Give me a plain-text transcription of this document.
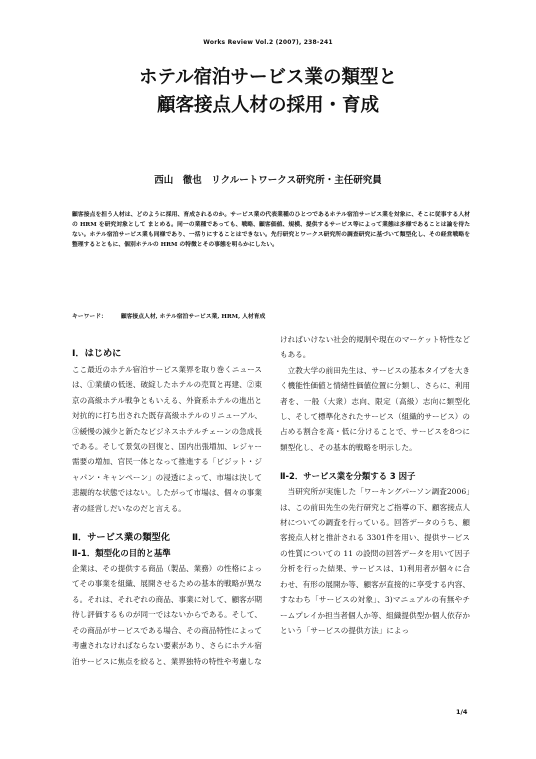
Works Review Vol.2 (2007), 238-241
ホテル宿泊サービス業の類型と
顧客接点人材の採用・育成
西山　徹也　リクルートワークス研究所・主任研究員
顧客接点を担う人材は、どのように採用、育成されるのか。サービス業の代表業種のひとつであるホテル宿泊サービス業を対象に、そこに従事する人材の HRM を研究対象として まとめる。同一の業種であっても、戦略、顧客価値、規模、提供するサービス等によって業態は多様であることは論を待たない。ホテル宿泊サービス業も同様であり、一括りにすることはできない。先行研究とワークス研究所の調査研究に基づいて類型化し、その経営戦略を整理するとともに、個別ホテルの HRM の特徴とその事態を明らかにしたい。
キーワード： 顧客接点人材, ホテル宿泊サービス業, HRM, 人材育成

Ⅰ．はじめに

ここ最近のホテル宿泊サービス業界を取り巻くニュースは、①業績の低迷、破綻したホテルの売買と再建、②東京の高級ホテル戦争ともいえる、外資系ホテルの進出と対抗的に打ち出された既存高級ホテルのリニューアル、③緩慢の減少と新たなビジネスホテルチェーンの急成長である。そして景気の回復と、国内出張増加、レジャー需要の増加、官民一体となって推進する「ビジット・ジャパン・キャンペーン」の浸透によって、市場は決して悲観的な状態ではない。したがって市場は、個々の事業者の経営しだいなのだと言える。

Ⅱ．サービス業の類型化

Ⅱ-1．類型化の目的と基準

企業は、その提供する商品（製品、業務）の性格によってその事業を組織、展開させるための基本的戦略が異なる。それは、それぞれの商品、事業に対して、顧客が期待し評価するものが同一ではないからである。そして、その商品がサービスである場合、その商品特性によって考慮されなければならない要素があり、さらにホテル宿泊サービスに焦点を絞ると、業界独特の特性や考慮しな

ければいけない社会的規制や現在のマーケット特性などもある。

立教大学の前田先生は、サービスの基本タイプを大きく機能性価値と情緒性価値位置に分類し、さらに、利用者を、一般（大衆）志向、限定（高級）志向に類型化し、そして標準化されたサービス（組織的サービス）の占める割合を高・低に分けることで、サービスを8つに類型化し、その基本的戦略を明示した。

Ⅱ-2．サービス業を分類する 3 因子

当研究所が実施した「ワーキングパーソン調査2006」は、この前田先生の先行研究とご指導の下、顧客接点人材についての調査を行っている。回答データのうち、顧客接点人材と推計される 3301件を用い、提供サービスの性質についての 11 の設問の回答データを用いて因子分析を行った結果、サービスは、1)利用者が個々に合わせ、有形の展開か等、顧客が直接的に享受する内容、すなわち「サービスの対象」、3)マニュアルの有無やチームプレイか担当者個人か等、組織提供型か個人依存かという「サービスの提供方法」によっ

1/4
